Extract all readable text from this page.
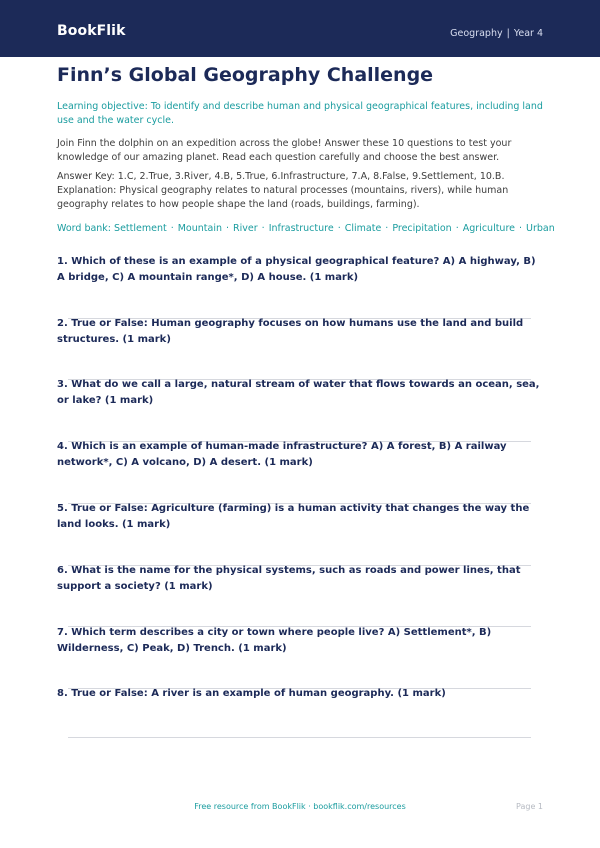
BookFlik	Geography | Year 4
Finn’s Global Geography Challenge

Learning objective: To identify and describe human and physical geographical features, including land use and the water cycle.

Join Finn the dolphin on an expedition across the globe! Answer these 10 questions to test your knowledge of our amazing planet. Read each question carefully and choose the best answer.

Answer Key: 1.C, 2.True, 3.River, 4.B, 5.True, 6.Infrastructure, 7.A, 8.False, 9.Settlement, 10.B. Explanation: Physical geography relates to natural processes (mountains, rivers), while human geography relates to how people shape the land (roads, buildings, farming).

Word bank: Settlement · Mountain · River · Infrastructure · Climate · Precipitation · Agriculture · Urban

1. Which of these is an example of a physical geographical feature? A) A highway, B) A bridge, C) A mountain range*, D) A house. (1 mark)

2. True or False: Human geography focuses on how humans use the land and build structures. (1 mark)

3. What do we call a large, natural stream of water that flows towards an ocean, sea, or lake? (1 mark)

4. Which is an example of human-made infrastructure? A) A forest, B) A railway network*, C) A volcano, D) A desert. (1 mark)

5. True or False: Agriculture (farming) is a human activity that changes the way the land looks. (1 mark)

6. What is the name for the physical systems, such as roads and power lines, that support a society? (1 mark)

7. Which term describes a city or town where people live? A) Settlement*, B) Wilderness, C) Peak, D) Trench. (1 mark)

8. True or False: A river is an example of human geography. (1 mark)

Free resource from BookFlik · bookflik.com/resources	Page 1
